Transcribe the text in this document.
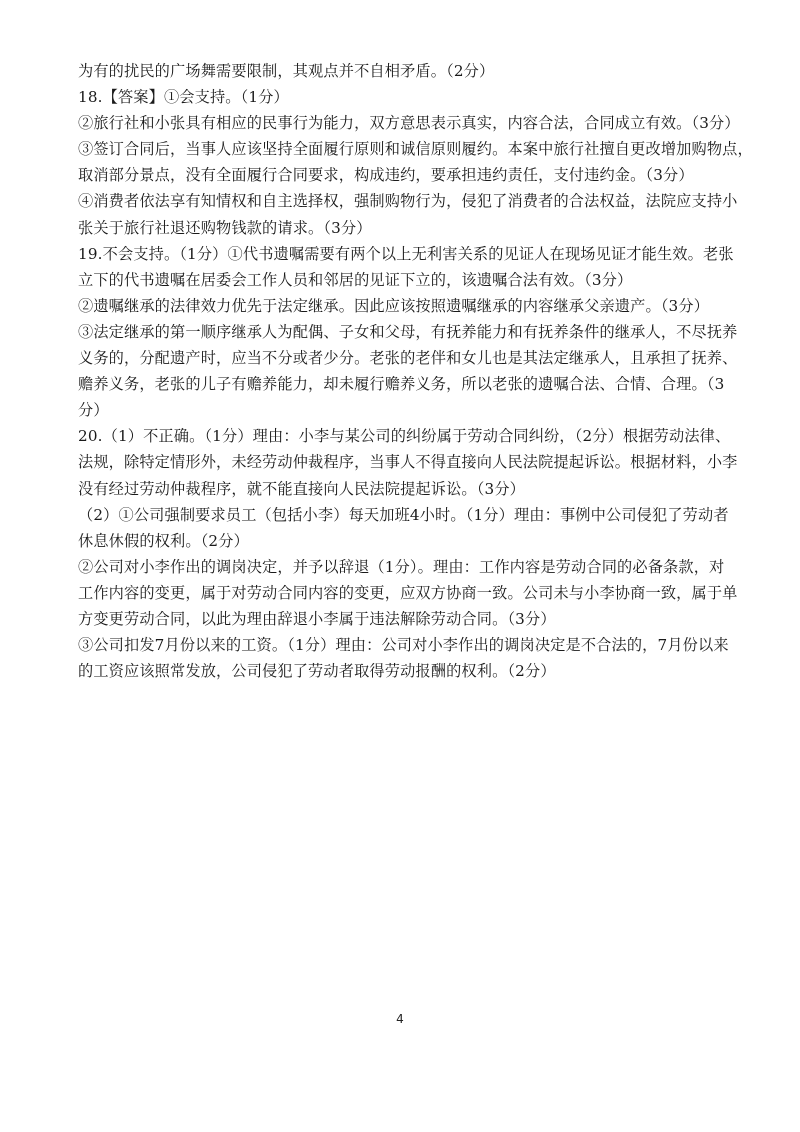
为有的扰民的广场舞需要限制，其观点并不自相矛盾。（2分）
18.【答案】①会支持。（1分）
②旅行社和小张具有相应的民事行为能力，双方意思表示真实，内容合法，合同成立有效。（3分）
③签订合同后，当事人应该坚持全面履行原则和诚信原则履约。本案中旅行社擅自更改增加购物点，
取消部分景点，没有全面履行合同要求，构成违约，要承担违约责任，支付违约金。（3分）
④消费者依法享有知情权和自主选择权，强制购物行为，侵犯了消费者的合法权益，法院应支持小
张关于旅行社退还购物钱款的请求。（3分）
19.不会支持。（1分）①代书遗嘱需要有两个以上无利害关系的见证人在现场见证才能生效。老张
立下的代书遗嘱在居委会工作人员和邻居的见证下立的，该遗嘱合法有效。（3分）
②遗嘱继承的法律效力优先于法定继承。因此应该按照遗嘱继承的内容继承父亲遗产。（3分）
③法定继承的第一顺序继承人为配偶、子女和父母，有抚养能力和有抚养条件的继承人，不尽抚养
义务的，分配遗产时，应当不分或者少分。老张的老伴和女儿也是其法定继承人，且承担了抚养、
赡养义务，老张的儿子有赡养能力，却未履行赡养义务，所以老张的遗嘱合法、合情、合理。（3
分）
20.（1）不正确。（1分）理由：小李与某公司的纠纷属于劳动合同纠纷，（2分）根据劳动法律、
法规，除特定情形外，未经劳动仲裁程序，当事人不得直接向人民法院提起诉讼。根据材料，小李
没有经过劳动仲裁程序，就不能直接向人民法院提起诉讼。（3分）
（2）①公司强制要求员工（包括小李）每天加班4小时。（1分）理由：事例中公司侵犯了劳动者
休息休假的权利。（2分）
②公司对小李作出的调岗决定，并予以辞退（1分）。理由：工作内容是劳动合同的必备条款，对
工作内容的变更，属于对劳动合同内容的变更，应双方协商一致。公司未与小李协商一致，属于单
方变更劳动合同，以此为理由辞退小李属于违法解除劳动合同。（3分）
③公司扣发7月份以来的工资。（1分）理由：公司对小李作出的调岗决定是不合法的，7月份以来
的工资应该照常发放，公司侵犯了劳动者取得劳动报酬的权利。（2分）
4
